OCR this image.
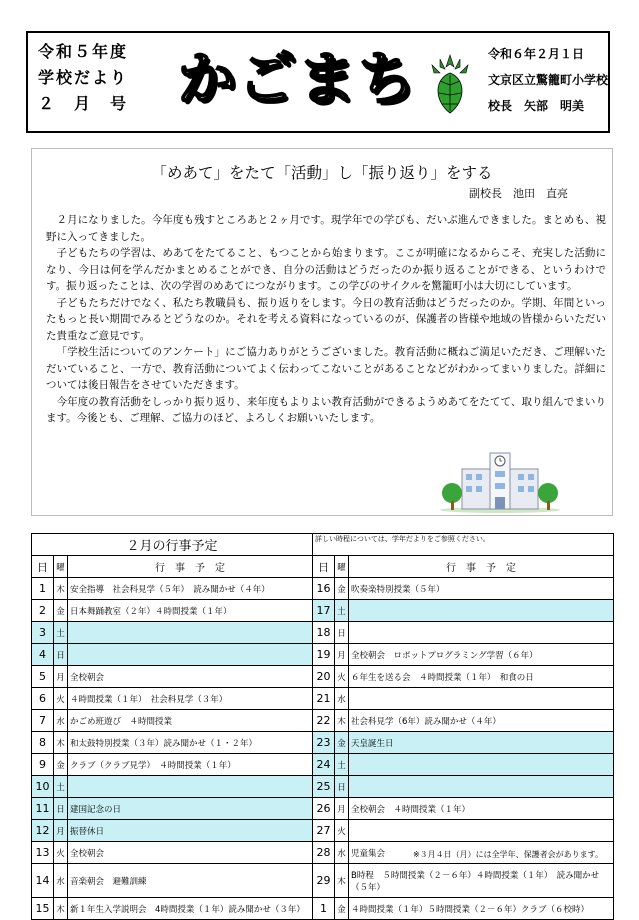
令和５年度
学校だより
２　月　号 かごまち	令和６年２月１日
文京区立驚籠町小学校
校長　矢部　明美
「めあて」をたて「活動」し「振り返り」をする
副校長　池田　直亮

２月になりました。今年度も残すところあと２ヶ月です。現学年での学びも、だいぶ進んできました。まとめも、視野に入ってきました。

子どもたちの学習は、めあてをたてること、もつことから始まります。ここが明確になるからこそ、充実した活動になり、今日は何を学んだかまとめることができ、自分の活動はどうだったのか振り返ることができる、というわけです。振り返ったことは、次の学習のめあてにつながります。この学びのサイクルを驚籠町小は大切にしています。

子どもたちだけでなく、私たち教職員も、振り返りをします。今日の教育活動はどうだったのか。学期、年間といったもっと長い期間でみるとどうなのか。それを考える資料になっているのが、保護者の皆様や地域の皆様からいただいた貴重なご意見です。

「学校生活についてのアンケート」にご協力ありがとうございました。教育活動に概ねご満足いただき、ご理解いただいていること、一方で、教育活動についてよく伝わってこないことがあることなどがわかってまいりました。詳細については後日報告をさせていただきます。

今年度の教育活動をしっかり振り返り、来年度もよりよい教育活動ができるようめあてをたてて、取り組んでまいります。今後とも、ご理解、ご協力のほど、よろしくお願いいたします。

２月の行事予定			詳しい時程については、学年だよりをご参照ください。		
日	曜	行　事　予　定	日	曜	行　事　予　定
1	木	安全指導　社会科見学（５年）　読み聞かせ（４年）	16	金	吹奏楽特別授業（５年）
2	金	日本舞踊教室（２年）４時間授業（１年）	17	土	
3	土		18	日	
4	日		19	月	全校朝会　ロボットプログラミング学習（６年）
5	月	全校朝会	20	火	６年生を送る会　４時間授業（１年）　和食の日
6	火	４時間授業（１年）　社会科見学（３年）	21	水	
7	水	かごめ班遊び　４時間授業	22	木	社会科見学（6年）読み聞かせ（４年）
8	木	和太鼓特別授業（３年）読み聞かせ（１・２年）	23	金	天皇誕生日
9	金	クラブ（クラブ見学）　４時間授業（１年）	24	土	
10	土		25	日	
11	日	建国記念の日	26	月	全校朝会　４時間授業（１年）
12	月	振替休日	27	火	
13	火	全校朝会	28	水	児童集会
14	水	音楽朝会　避難訓練	29	木	B時程　５時間授業（２－６年）４時間授業（１年）　読み聞かせ（５年）
15	木	新１年生入学説明会　4時間授業（１年）読み聞かせ（３年）	1	金	４時間授業（１年）５時間授業（２－６年）クラブ（６校時）
※３月４日（月）には全学年、保護者会があります。
